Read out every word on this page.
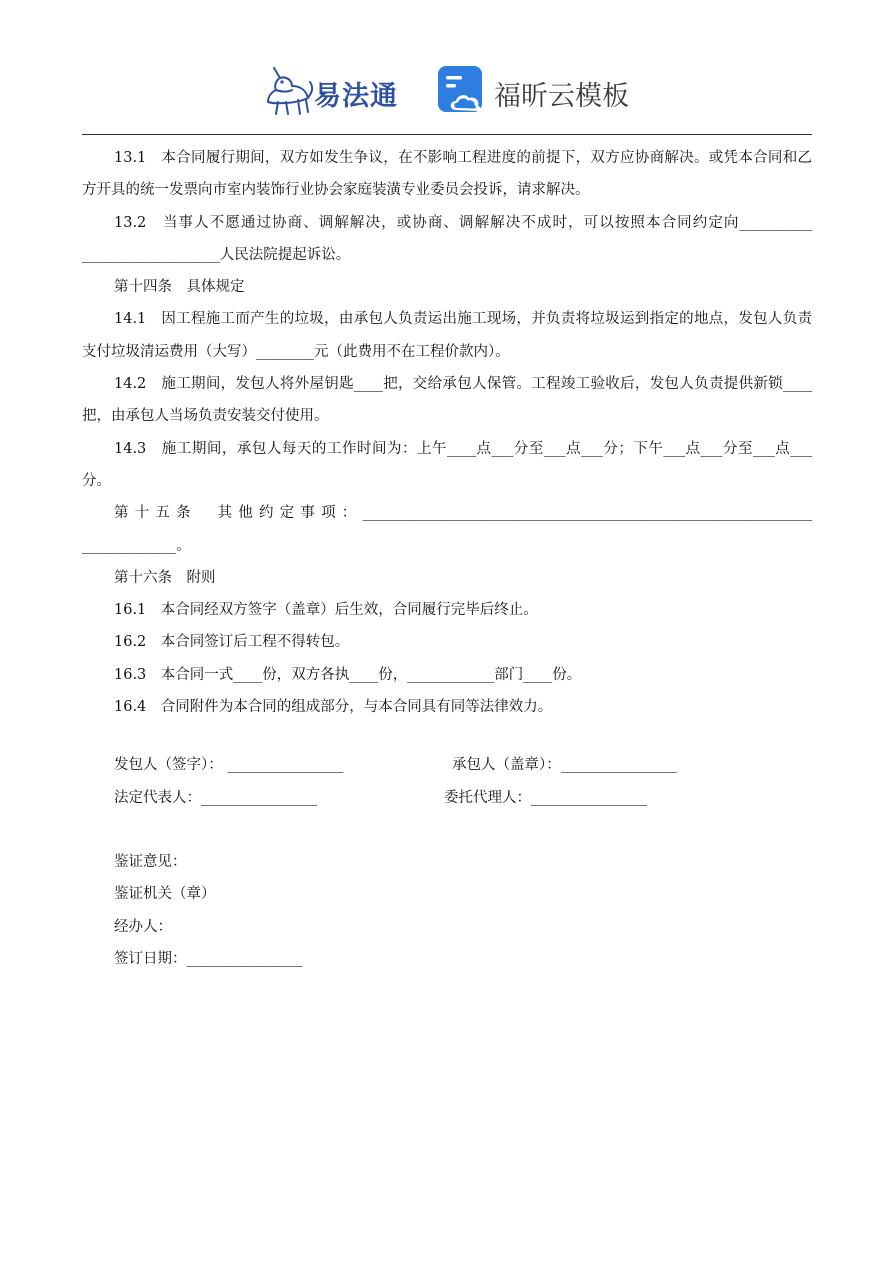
易法通	福昕云模板

13.1　本合同履行期间，双方如发生争议，在不影响工程进度的前提下，双方应协商解决。或凭本合同和乙方开具的统一发票向市室内装饰行业协会家庭装潢专业委员会投诉，请求解决。

13.2　当事人不愿通过协商、调解解决，或协商、调解解决不成时，可以按照本合同约定向__________ ___________________人民法院提起诉讼。

第十四条　具体规定

14.1　因工程施工而产生的垃圾，由承包人负责运出施工现场，并负责将垃圾运到指定的地点，发包人负责支付垃圾清运费用（大写）________元（此费用不在工程价款内）。

14.2　施工期间，发包人将外屋钥匙____把，交给承包人保管。工程竣工验收后，发包人负责提供新锁____把，由承包人当场负责安装交付使用。

14.3　施工期间，承包人每天的工作时间为：上午____点___分至___点___分；下午___点___分至___点___分。

第十五条　其他约定事项：______________________________________________________________ _____________。

第十六条　附则
16.1　本合同经双方签字（盖章）后生效，合同履行完毕后终止。
16.2　本合同签订后工程不得转包。
16.3　本合同一式____份，双方各执____份，____________部门____份。
16.4　合同附件为本合同的组成部分，与本合同具有同等法律效力。
发包人（签字）： ________________	承包人（盖章）：________________
法定代表人：________________	委托代理人：________________
鉴证意见：
鉴证机关（章）
经办人：
签订日期：________________
